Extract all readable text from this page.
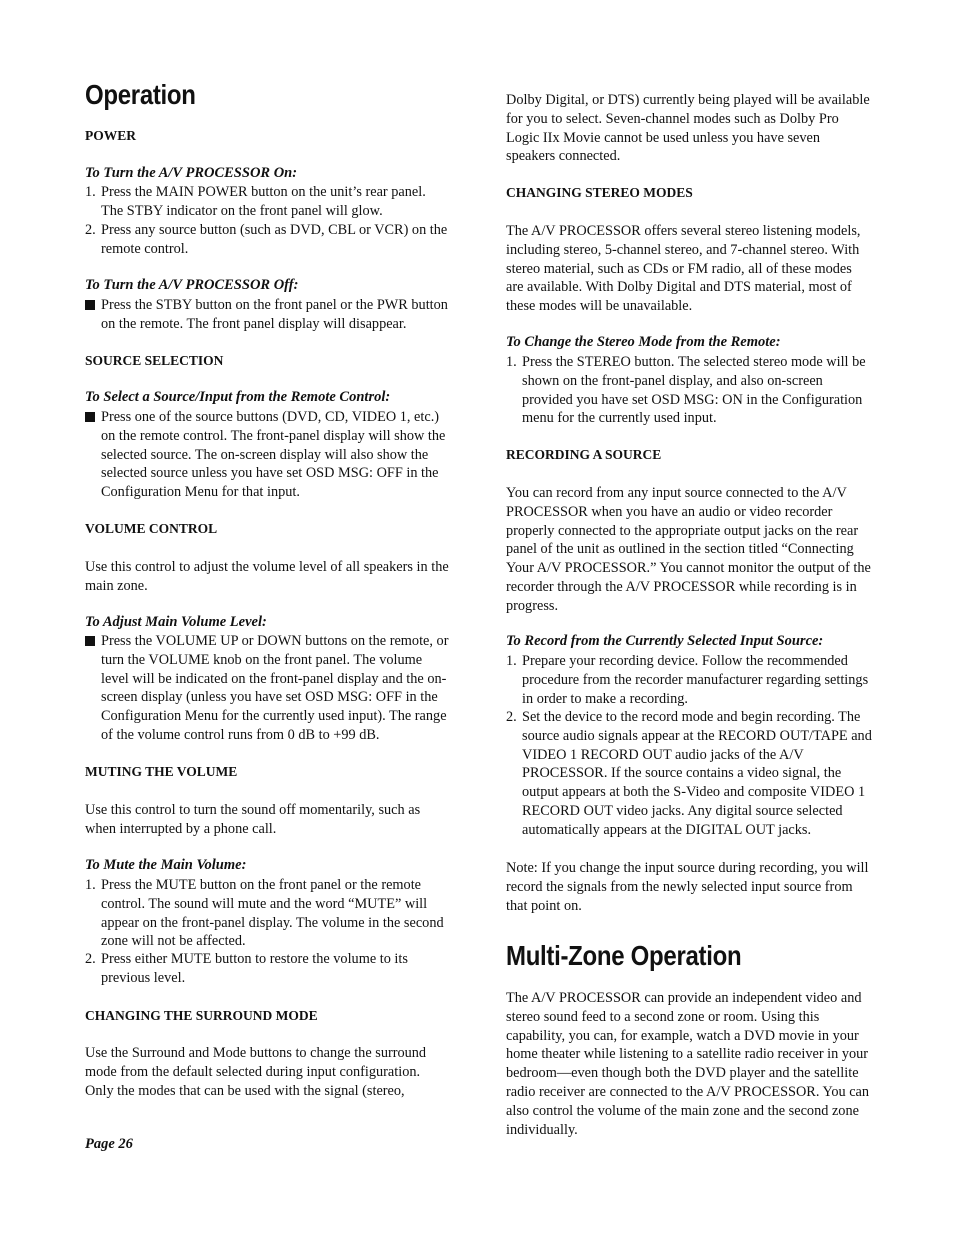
Operation
POWER
To Turn the A/V PROCESSOR On:
1. Press the MAIN POWER button on the unit’s rear panel. The STBY indicator on the front panel will glow.
2. Press any source button (such as DVD, CBL or VCR) on the remote control.
To Turn the A/V PROCESSOR Off:
Press the STBY button on the front panel or the PWR button on the remote. The front panel display will disappear.
SOURCE SELECTION
To Select a Source/Input from the Remote Control:
Press one of the source buttons (DVD, CD, VIDEO 1, etc.) on the remote control. The front-panel display will show the selected source. The on-screen display will also show the selected source unless you have set OSD MSG: OFF in the Configuration Menu for that input.
VOLUME CONTROL
Use this control to adjust the volume level of all speakers in the main zone.
To Adjust Main Volume Level:
Press the VOLUME UP or DOWN buttons on the remote, or turn the VOLUME knob on the front panel. The volume level will be indicated on the front-panel display and the on-screen display (unless you have set OSD MSG: OFF in the Configuration Menu for the currently used input). The range of the volume control runs from 0 dB to +99 dB.
MUTING THE VOLUME
Use this control to turn the sound off momentarily, such as when interrupted by a phone call.
To Mute the Main Volume:
1. Press the MUTE button on the front panel or the remote control. The sound will mute and the word “MUTE” will appear on the front-panel display. The volume in the second zone will not be affected.
2. Press either MUTE button to restore the volume to its previous level.
CHANGING THE SURROUND MODE
Use the Surround and Mode buttons to change the surround mode from the default selected during input configuration. Only the modes that can be used with the signal (stereo,
Dolby Digital, or DTS) currently being played will be available for you to select. Seven-channel modes such as Dolby Pro Logic IIx Movie cannot be used unless you have seven speakers connected.
CHANGING STEREO MODES
The A/V PROCESSOR offers several stereo listening models, including stereo, 5-channel stereo, and 7-channel stereo. With stereo material, such as CDs or FM radio, all of these modes are available. With Dolby Digital and DTS material, most of these modes will be unavailable.
To Change the Stereo Mode from the Remote:
1. Press the STEREO button. The selected stereo mode will be shown on the front-panel display, and also on-screen provided you have set OSD MSG: ON in the Configuration menu for the currently used input.
RECORDING A SOURCE
You can record from any input source connected to the A/V PROCESSOR when you have an audio or video recorder properly connected to the appropriate output jacks on the rear panel of the unit as outlined in the section titled “Connecting Your A/V PROCESSOR.” You cannot monitor the output of the recorder through the A/V PROCESSOR while recording is in progress.
To Record from the Currently Selected Input Source:
1. Prepare your recording device. Follow the recommended procedure from the recorder manufacturer regarding settings in order to make a recording.
2. Set the device to the record mode and begin recording. The source audio signals appear at the RECORD OUT/TAPE and VIDEO 1 RECORD OUT audio jacks of the A/V PROCESSOR. If the source contains a video signal, the output appears at both the S-Video and composite VIDEO 1 RECORD OUT video jacks. Any digital source selected automatically appears at the DIGITAL OUT jacks.
Note: If you change the input source during recording, you will record the signals from the newly selected input source from that point on.
Multi-Zone Operation
The A/V PROCESSOR can provide an independent video and stereo sound feed to a second zone or room. Using this capability, you can, for example, watch a DVD movie in your home theater while listening to a satellite radio receiver in your bedroom—even though both the DVD player and the satellite radio receiver are connected to the A/V PROCESSOR. You can also control the volume of the main zone and the second zone individually.
Page 26
